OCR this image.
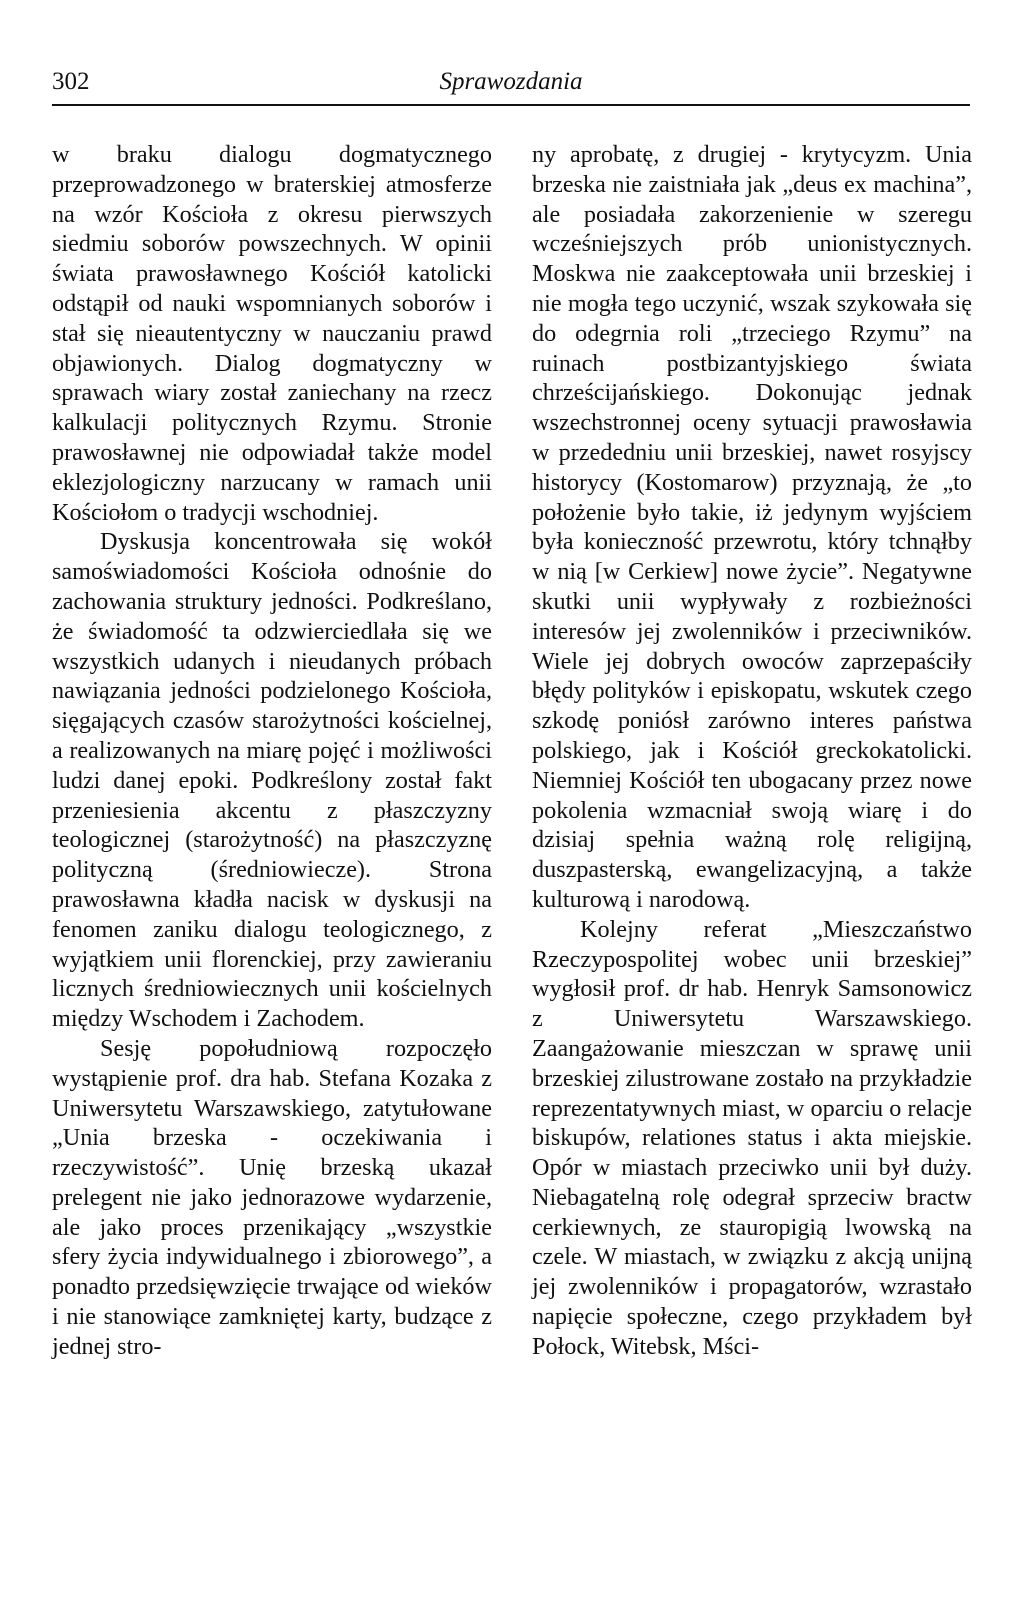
302	Sprawozdania

w braku dialogu dogmatycznego przeprowadzonego w braterskiej atmosferze na wzór Kościoła z okresu pierwszych siedmiu soborów powszechnych. W opinii świata prawosławnego Kościół katolicki odstąpił od nauki wspomnianych soborów i stał się nieautentyczny w nauczaniu prawd objawionych. Dialog dogmatyczny w sprawach wiary został zaniechany na rzecz kalkulacji politycznych Rzymu. Stronie prawosławnej nie odpowiadał także model eklezjologiczny narzucany w ramach unii Kościołom o tradycji wschodniej.

Dyskusja koncentrowała się wokół samoświadomości Kościoła odnośnie do zachowania struktury jedności. Podkreślano, że świadomość ta odzwierciedlała się we wszystkich udanych i nieudanych próbach nawiązania jedności podzielonego Kościoła, sięgających czasów starożytności kościelnej, a realizowanych na miarę pojęć i możliwości ludzi danej epoki. Podkreślony został fakt przeniesienia akcentu z płaszczyzny teologicznej (starożytność) na płaszczyznę polityczną (średniowiecze). Strona prawosławna kładła nacisk w dyskusji na fenomen zaniku dialogu teologicznego, z wyjątkiem unii florenckiej, przy zawieraniu licznych średniowiecznych unii kościelnych między Wschodem i Zachodem.

Sesję popołudniową rozpoczęło wystąpienie prof. dra hab. Stefana Kozaka z Uniwersytetu Warszawskiego, zatytułowane „Unia brzeska - oczekiwania i rzeczywistość”. Unię brzeską ukazał prelegent nie jako jednorazowe wydarzenie, ale jako proces przenikający „wszystkie sfery życia indywidualnego i zbiorowego”, a ponadto przedsięwzięcie trwające od wieków i nie stanowiące zamkniętej karty, budzące z jednej stro-

ny aprobatę, z drugiej - krytycyzm. Unia brzeska nie zaistniała jak „deus ex machina”, ale posiadała zakorzenienie w szeregu wcześniejszych prób unionistycznych. Moskwa nie zaakceptowała unii brzeskiej i nie mogła tego uczynić, wszak szykowała się do odegrnia roli „trzeciego Rzymu” na ruinach postbizantyjskiego świata chrześcijańskiego. Dokonując jednak wszechstronnej oceny sytuacji prawosławia w przededniu unii brzeskiej, nawet rosyjscy historycy (Kostomarow) przyznają, że „to położenie było takie, iż jedynym wyjściem była konieczność przewrotu, który tchnąłby w nią [w Cerkiew] nowe życie”. Negatywne skutki unii wypływały z rozbieżności interesów jej zwolenników i przeciwników. Wiele jej dobrych owoców zaprzepaściły błędy polityków i episkopatu, wskutek czego szkodę poniósł zarówno interes państwa polskiego, jak i Kościół greckokatolicki. Niemniej Kościół ten ubogacany przez nowe pokolenia wzmacniał swoją wiarę i do dzisiaj spełnia ważną rolę religijną, duszpasterską, ewangelizacyjną, a także kulturową i narodową.

Kolejny referat „Mieszczaństwo Rzeczypospolitej wobec unii brzeskiej” wygłosił prof. dr hab. Henryk Samsonowicz z Uniwersytetu Warszawskiego. Zaangażowanie mieszczan w sprawę unii brzeskiej zilustrowane zostało na przykładzie reprezentatywnych miast, w oparciu o relacje biskupów, relationes status i akta miejskie. Opór w miastach przeciwko unii był duży. Niebagatelną rolę odegrał sprzeciw bractw cerkiewnych, ze stauropigią lwowską na czele. W miastach, w związku z akcją unijną jej zwolenników i propagatorów, wzrastało napięcie społeczne, czego przykładem był Połock, Witebsk, Mści-
